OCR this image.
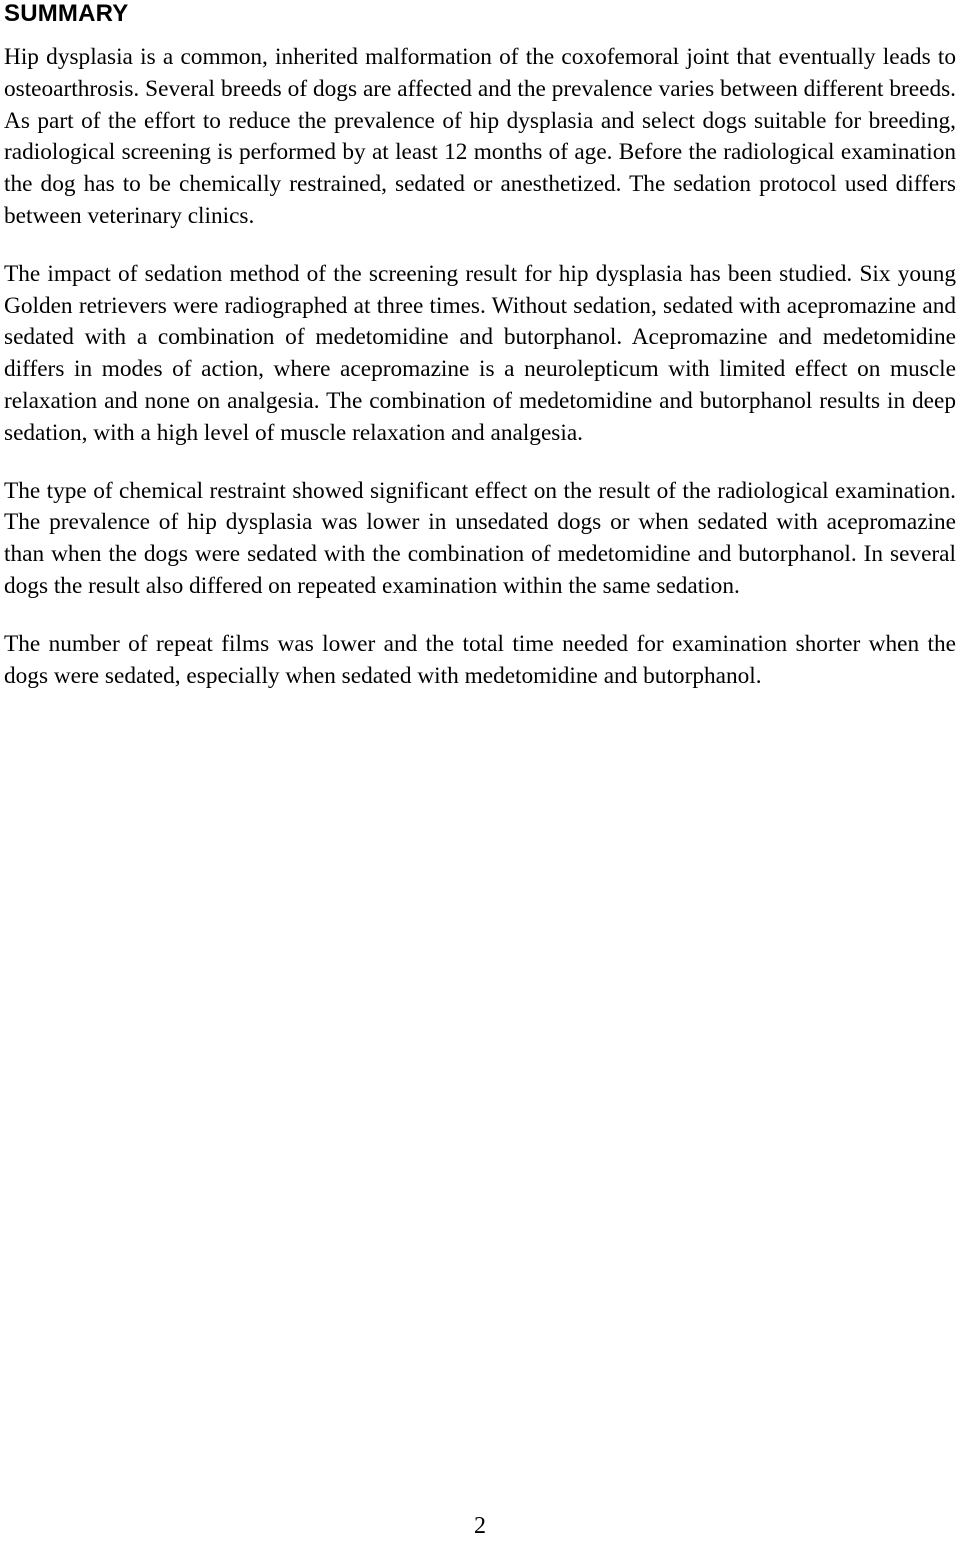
SUMMARY

Hip dysplasia is a common, inherited malformation of the coxofemoral joint that eventually leads to osteoarthrosis. Several breeds of dogs are affected and the prevalence varies between different breeds. As part of the effort to reduce the prevalence of hip dysplasia and select dogs suitable for breeding, radiological screening is performed by at least 12 months of age. Before the radiological examination the dog has to be chemically restrained, sedated or anesthetized. The sedation protocol used differs between veterinary clinics.

The impact of sedation method of the screening result for hip dysplasia has been studied. Six young Golden retrievers were radiographed at three times. Without sedation, sedated with acepromazine and sedated with a combination of medetomidine and butorphanol. Acepromazine and medetomidine differs in modes of action, where acepromazine is a neurolepticum with limited effect on muscle relaxation and none on analgesia. The combination of medetomidine and butorphanol results in deep sedation, with a high level of muscle relaxation and analgesia.

The type of chemical restraint showed significant effect on the result of the radiological examination. The prevalence of hip dysplasia was lower in unsedated dogs or when sedated with acepromazine than when the dogs were sedated with the combination of medetomidine and butorphanol. In several dogs the result also differed on repeated examination within the same sedation.

The number of repeat films was lower and the total time needed for examination shorter when the dogs were sedated, especially when sedated with medetomidine and butorphanol.

2
